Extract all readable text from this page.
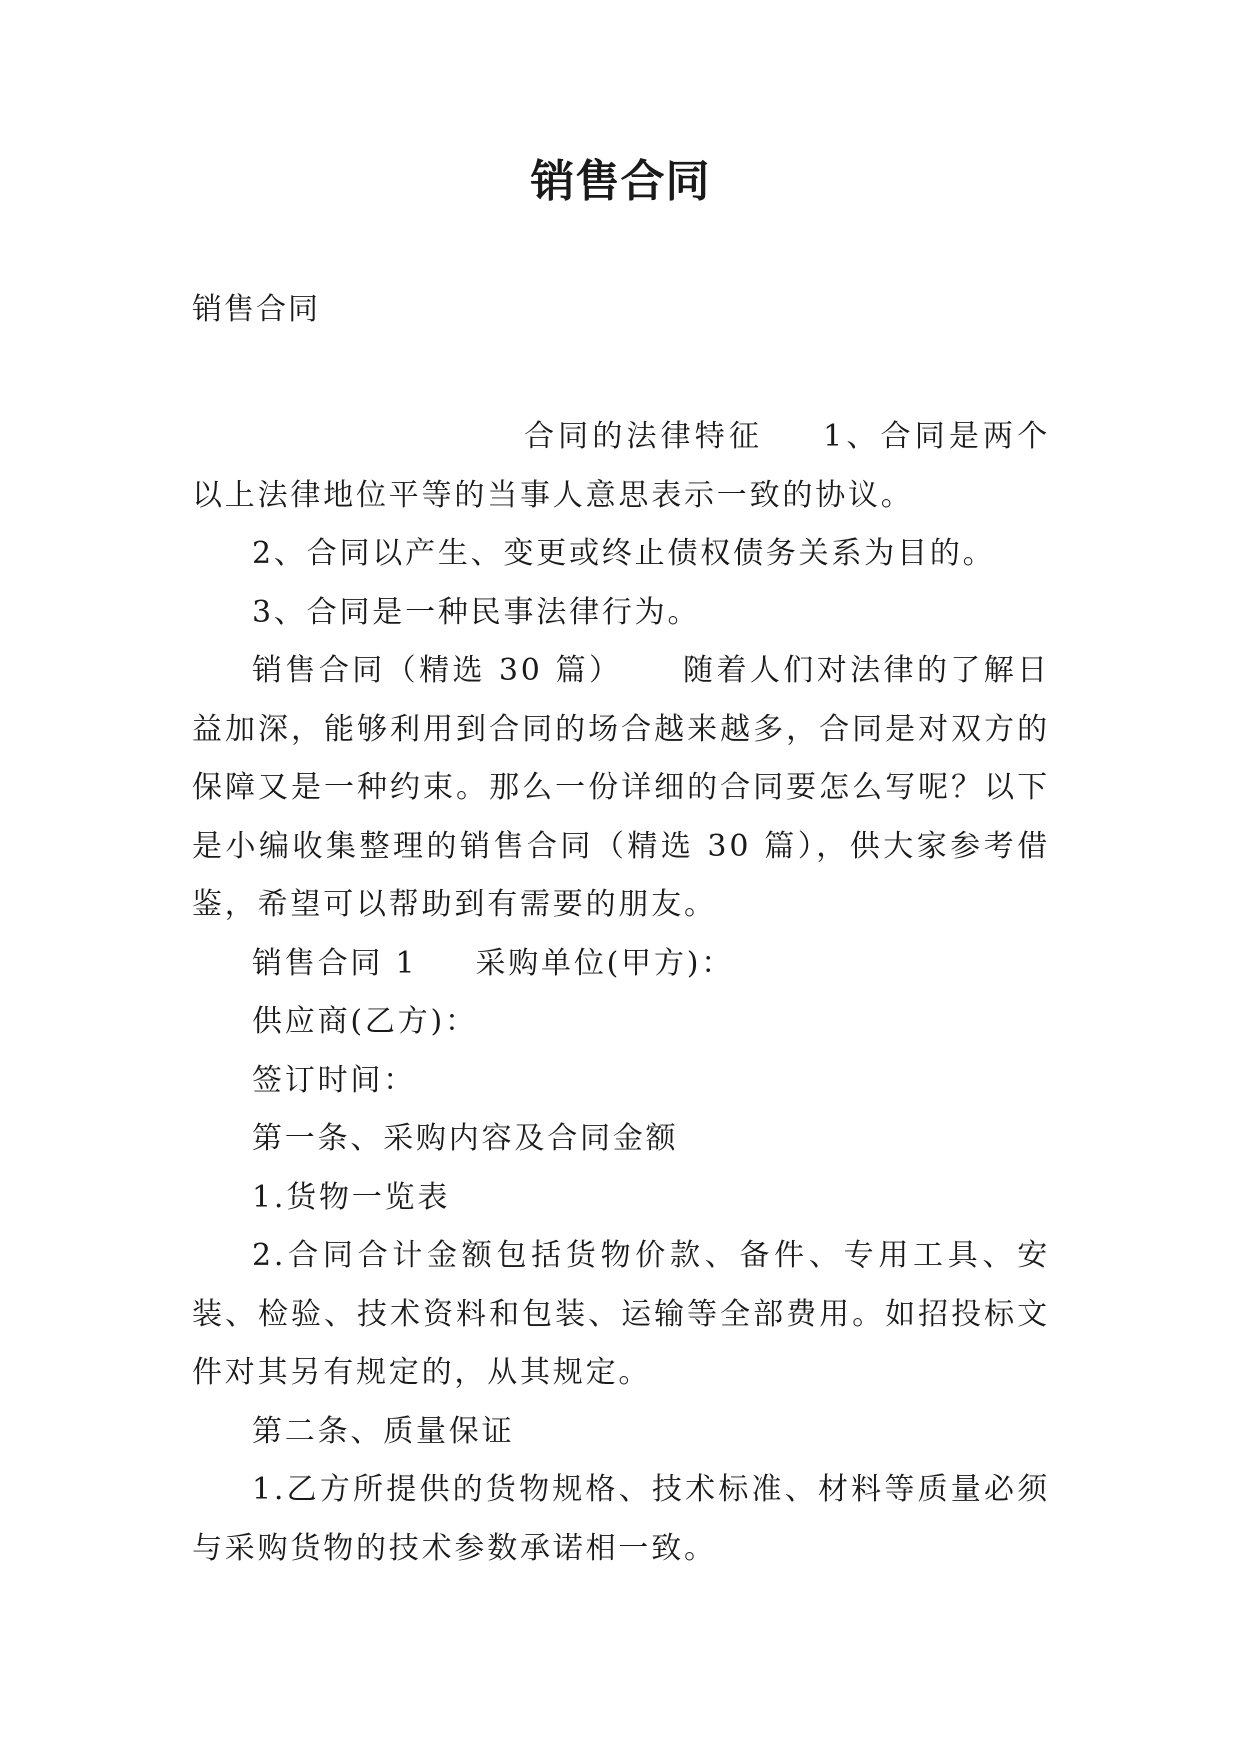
销售合同
销售合同

合同的法律特征 1、合同是两个以上法律地位平等的当事人意思表示一致的协议。

2、合同以产生、变更或终止债权债务关系为目的。

3、合同是一种民事法律行为。

销售合同（精选 30 篇） 随着人们对法律的了解日益加深，能够利用到合同的场合越来越多，合同是对双方的保障又是一种约束。那么一份详细的合同要怎么写呢？以下是小编收集整理的销售合同（精选 30 篇），供大家参考借鉴，希望可以帮助到有需要的朋友。

销售合同 1 采购单位(甲方)：

供应商(乙方)：

签订时间：

第一条、采购内容及合同金额

1.货物一览表

2.合同合计金额包括货物价款、备件、专用工具、安装、检验、技术资料和包装、运输等全部费用。如招投标文件对其另有规定的，从其规定。

第二条、质量保证

1.乙方所提供的货物规格、技术标准、材料等质量必须与采购货物的技术参数承诺相一致。
